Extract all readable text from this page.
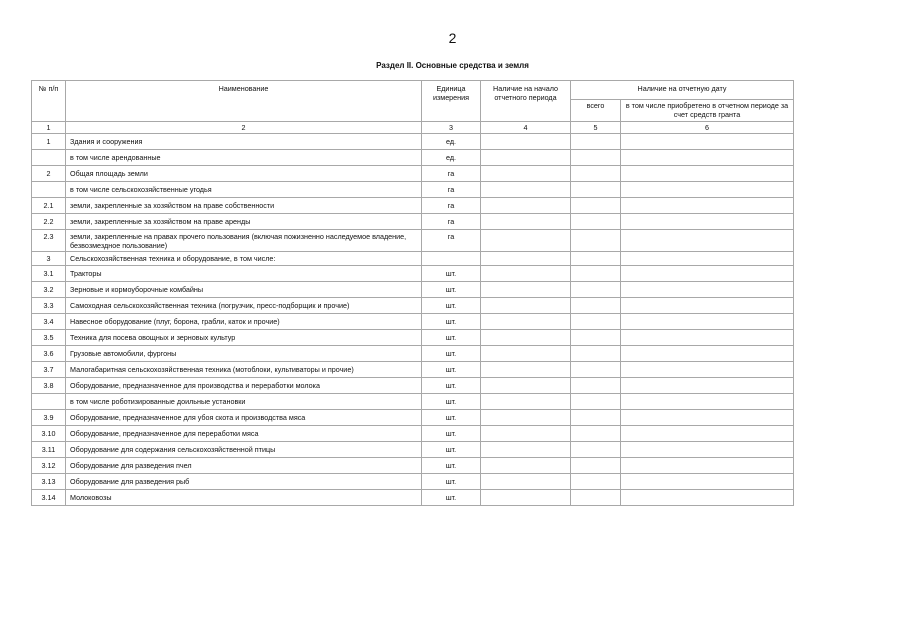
2
Раздел II. Основные средства и земля
№ п/п	Наименование	Единица измерения	Наличие на начало отчетного периода	Наличие на отчетную дату	
				всего	в том числе приобретено в отчетном периоде за счет средств гранта
1	2	3	4	5	6
1	Здания и сооружения	ед.			
	в том числе арендованные	ед.			
2	Общая площадь земли	га			
	в том числе сельскохозяйственные угодья	га			
2.1	земли, закрепленные за хозяйством на праве собственности	га			
2.2	земли, закрепленные за хозяйством на праве аренды	га			
2.3	земли, закрепленные на правах прочего пользования (включая пожизненно наследуемое владение, безвозмездное пользование)	га			
3	Сельскохозяйственная техника и оборудование, в том числе:				
3.1	Тракторы	шт.			
3.2	Зерновые и кормоуборочные комбайны	шт.			
3.3	Самоходная сельскохозяйственная техника (погрузчик, пресс-подборщик и прочие)	шт.			
3.4	Навесное оборудование (плуг, борона, грабли, каток и прочие)	шт.			
3.5	Техника для посева овощных и зерновых культур	шт.			
3.6	Грузовые автомобили, фургоны	шт.			
3.7	Малогабаритная сельскохозяйственная техника (мотоблоки, культиваторы и прочие)	шт.			
3.8	Оборудование, предназначенное для производства и переработки молока	шт.			
	в том числе роботизированные доильные установки	шт.			
3.9	Оборудование, предназначенное для убоя скота и производства мяса	шт.			
3.10	Оборудование, предназначенное для переработки мяса	шт.			
3.11	Оборудование для содержания сельскохозяйственной птицы	шт.			
3.12	Оборудование для разведения пчел	шт.			
3.13	Оборудование для разведения рыб	шт.			
3.14	Молоковозы	шт.			
